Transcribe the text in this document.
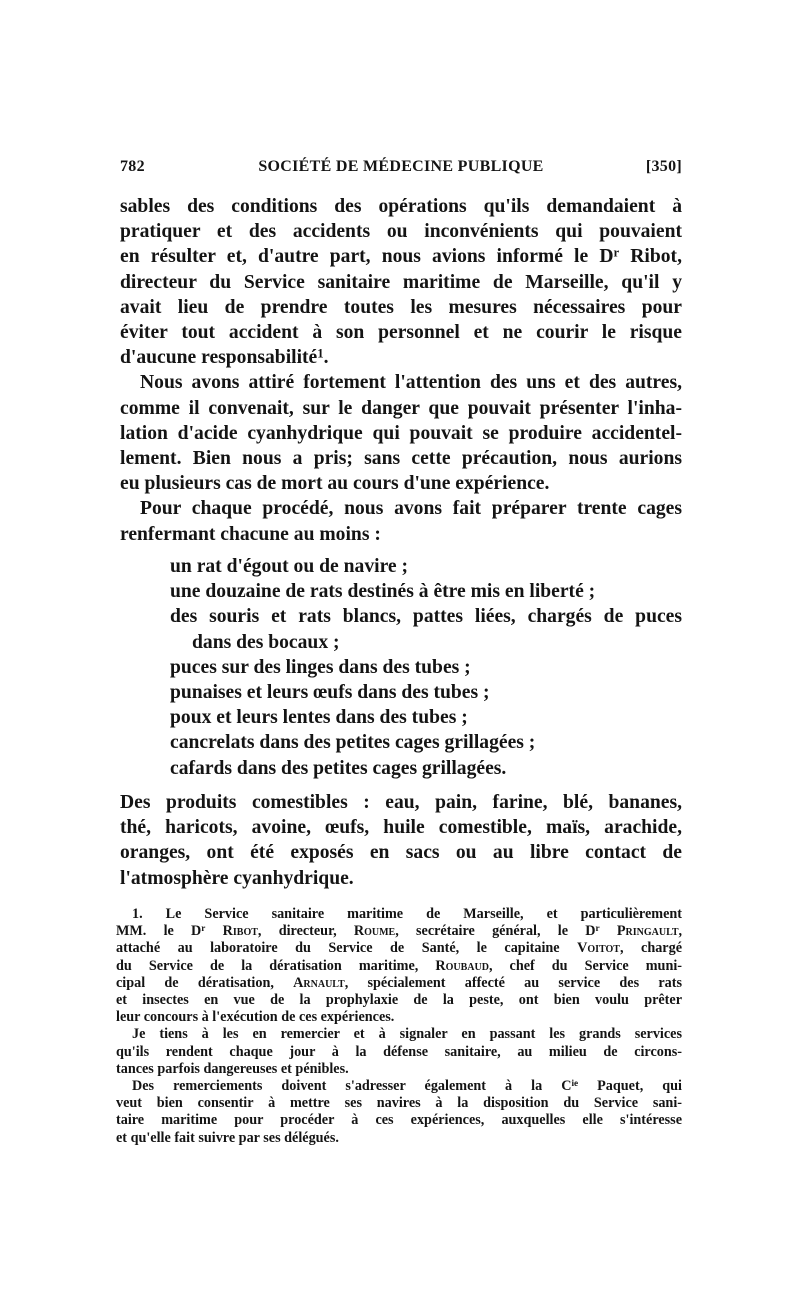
782	SOCIÉTÉ DE MÉDECINE PUBLIQUE	[350]
sables des conditions des opérations qu'ils demandaient à
pratiquer et des accidents ou inconvénients qui pouvaient
en résulter et, d'autre part, nous avions informé le $D^r$ Ribot,
directeur du Service sanitaire maritime de Marseille, qu'il y
avait lieu de prendre toutes les mesures nécessaires pour
éviter tout accident à son personnel et ne courir le risque
d'aucune responsabilité$^1$.
Nous avons attiré fortement l'attention des uns et des autres,
comme il convenait, sur le danger que pouvait présenter l'inha-
lation d'acide cyanhydrique qui pouvait se produire accidentel-
lement. Bien nous a pris; sans cette précaution, nous aurions
eu plusieurs cas de mort au cours d'une expérience.
Pour chaque procédé, nous avons fait préparer trente cages
renfermant chacune au moins :
un rat d'égout ou de navire ;
une douzaine de rats destinés à être mis en liberté ;
des souris et rats blancs, pattes liées, chargés de puces
dans des bocaux ;
puces sur des linges dans des tubes ;
punaises et leurs œufs dans des tubes ;
poux et leurs lentes dans des tubes ;
cancrelats dans des petites cages grillagées ;
cafards dans des petites cages grillagées.
Des produits comestibles : eau, pain, farine, blé, bananes,
thé, haricots, avoine, œufs, huile comestible, maïs, arachide,
oranges, ont été exposés en sacs ou au libre contact de
l'atmosphère cyanhydrique.
1. Le Service sanitaire maritime de Marseille, et particulièrement
MM. le $D^r$ Ribot, directeur, Roume, secrétaire général, le $D^r$ Pringault,
attaché au laboratoire du Service de Santé, le capitaine Voitot, chargé
du Service de la dératisation maritime, Roubaud, chef du Service muni-
cipal de dératisation, Arnault, spécialement affecté au service des rats
et insectes en vue de la prophylaxie de la peste, ont bien voulu prêter
leur concours à l'exécution de ces expériences.
Je tiens à les en remercier et à signaler en passant les grands services
qu'ils rendent chaque jour à la défense sanitaire, au milieu de circons-
tances parfois dangereuses et pénibles.
Des remerciements doivent s'adresser également à la $C^{ie}$ Paquet, qui
veut bien consentir à mettre ses navires à la disposition du Service sani-
taire maritime pour procéder à ces expériences, auxquelles elle s'intéresse
et qu'elle fait suivre par ses délégués.
